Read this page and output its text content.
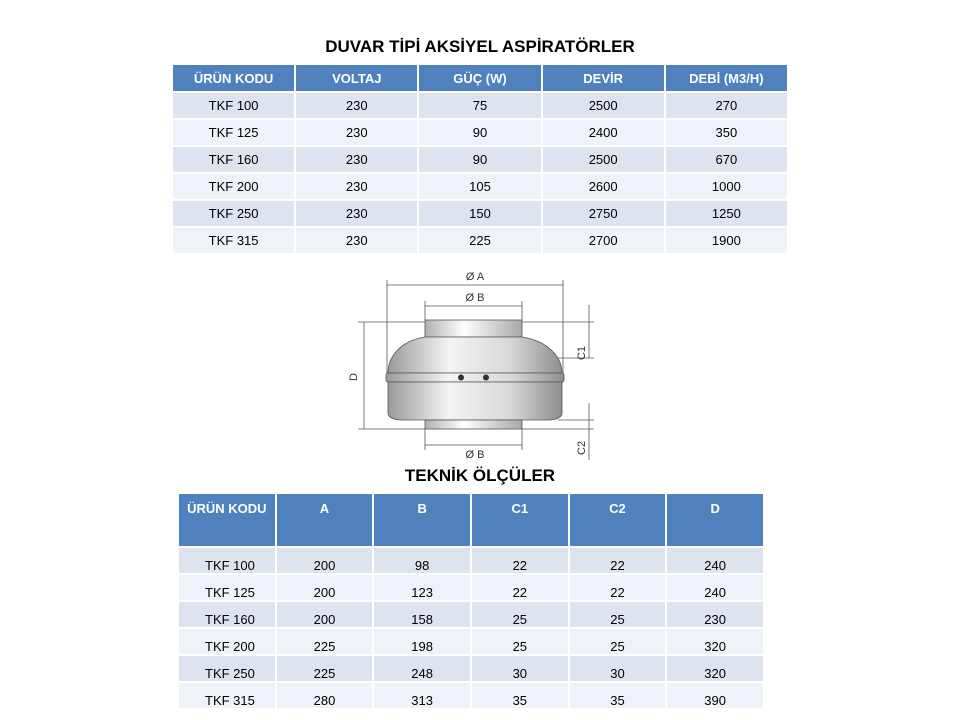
DUVAR TİPİ AKSİYEL ASPİRATÖRLER
ÜRÜN KODU	VOLTAJ	GÜÇ (W)	DEVİR	DEBİ (M3/H)
TKF 100	230	75	2500	270
TKF 125	230	90	2400	350
TKF 160	230	90	2500	670
TKF 200	230	105	2600	1000
TKF 250	230	150	2750	1250
TKF 315	230	225	2700	1900
Ø A
Ø B
Ø B
D
C1
C2
TEKNİK ÖLÇÜLER
ÜRÜN KODU	A	B	C1	C2	D
TKF 100	200	98	22	22	240
TKF 125	200	123	22	22	240
TKF 160	200	158	25	25	230
TKF 200	225	198	25	25	320
TKF 250	225	248	30	30	320
TKF 315	280	313	35	35	390
